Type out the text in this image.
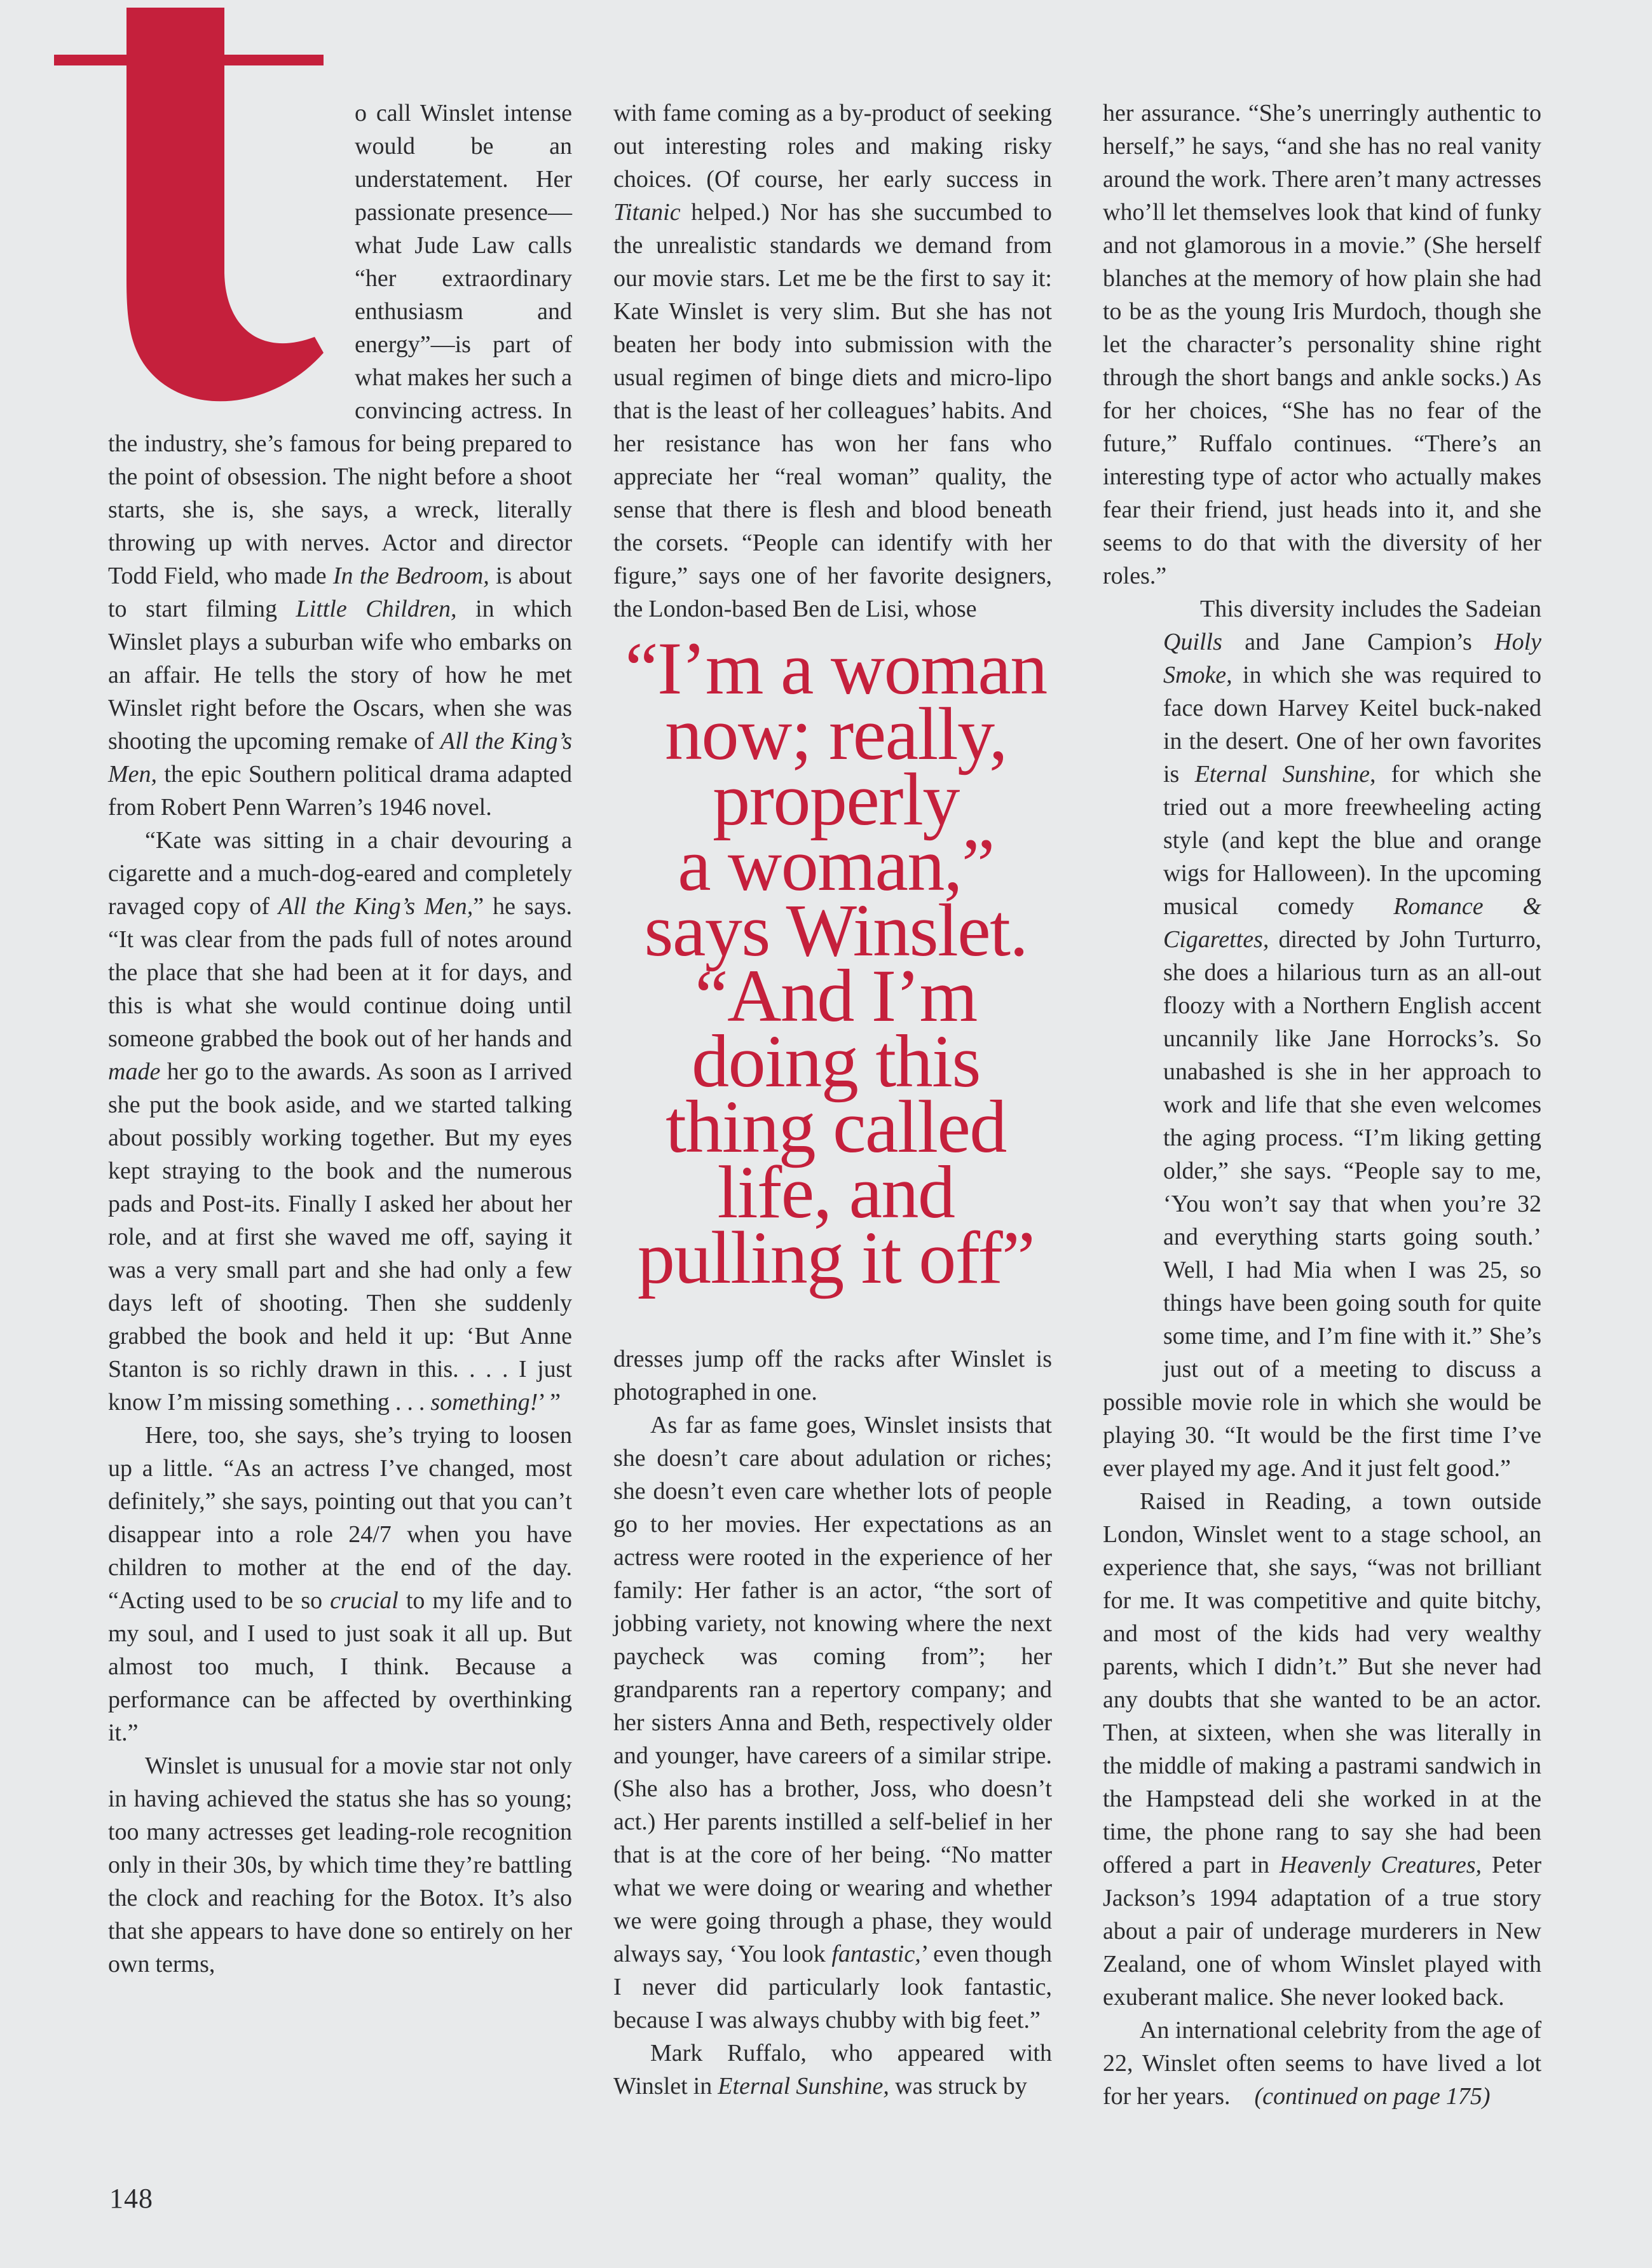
o call Winslet intense would be an understatement. Her passionate presence—what Jude Law calls “her extraordinary enthusiasm and energy”—is part of what makes her such a convincing actress. In the industry, she’s famous for being prepared to the point of obsession. The night before a shoot starts, she is, she says, a wreck, literally throwing up with nerves. Actor and director Todd Field, who made In the Bedroom, is about to start filming Little Children, in which Winslet plays a suburban wife who embarks on an affair. He tells the story of how he met Winslet right before the Oscars, when she was shooting the upcoming remake of All the King’s Men, the epic Southern political drama adapted from Robert Penn Warren’s 1946 novel.

“Kate was sitting in a chair devouring a cigarette and a much-dog-eared and completely ravaged copy of All the King’s Men,” he says. “It was clear from the pads full of notes around the place that she had been at it for days, and this is what she would continue doing until someone grabbed the book out of her hands and made her go to the awards. As soon as I arrived she put the book aside, and we started talking about possibly working together. But my eyes kept straying to the book and the numerous pads and Post-its. Finally I asked her about her role, and at first she waved me off, saying it was a very small part and she had only a few days left of shooting. Then she suddenly grabbed the book and held it up: ‘But Anne Stanton is so richly drawn in this. . . . I just know I’m missing something . . . something!’ ”

Here, too, she says, she’s trying to loosen up a little. “As an actress I’ve changed, most definitely,” she says, pointing out that you can’t disappear into a role 24/7 when you have children to mother at the end of the day. “Acting used to be so crucial to my life and to my soul, and I used to just soak it all up. But almost too much, I think. Because a performance can be affected by overthinking it.”

Winslet is unusual for a movie star not only in having achieved the status she has so young; too many actresses get leading-role recognition only in their 30s, by which time they’re battling the clock and reaching for the Botox. It’s also that she appears to have done so entirely on her own terms,

with fame coming as a by-product of seeking out interesting roles and making risky choices. (Of course, her early success in Titanic helped.) Nor has she succumbed to the unrealistic standards we demand from our movie stars. Let me be the first to say it: Kate Winslet is very slim. But she has not beaten her body into submission with the usual regimen of binge diets and micro-lipo that is the least of her colleagues’ habits. And her resistance has won her fans who appreciate her “real woman” quality, the sense that there is flesh and blood beneath the corsets. “People can identify with her figure,” says one of her favorite designers, the London-based Ben de Lisi, whose

“I’m a woman
now; really,
properly
a woman,”
says Winslet.
“And I’m
doing this
thing called
life, and
pulling it off”

dresses jump off the racks after Winslet is photographed in one.

As far as fame goes, Winslet insists that she doesn’t care about adulation or riches; she doesn’t even care whether lots of people go to her movies. Her expectations as an actress were rooted in the experience of her family: Her father is an actor, “the sort of jobbing variety, not knowing where the next paycheck was coming from”; her grandparents ran a repertory company; and her sisters Anna and Beth, respectively older and younger, have careers of a similar stripe. (She also has a brother, Joss, who doesn’t act.) Her parents instilled a self-belief in her that is at the core of her being. “No matter what we were doing or wearing and whether we were going through a phase, they would always say, ‘You look fantastic,’ even though I never did particularly look fantastic, because I was always chubby with big feet.”

Mark Ruffalo, who appeared with Winslet in Eternal Sunshine, was struck by

her assurance. “She’s unerringly authentic to herself,” he says, “and she has no real vanity around the work. There aren’t many actresses who’ll let themselves look that kind of funky and not glamorous in a movie.” (She herself blanches at the memory of how plain she had to be as the young Iris Murdoch, though she let the character’s personality shine right through the short bangs and ankle socks.) As for her choices, “She has no fear of the future,” Ruffalo continues. “There’s an interesting type of actor who actually makes fear their friend, just heads into it, and she seems to do that with the diversity of her roles.”

This diversity includes the Sadeian Quills and Jane Campion’s Holy Smoke, in which she was required to face down Harvey Keitel buck-naked in the desert. One of her own favorites is Eternal Sunshine, for which she tried out a more freewheeling acting style (and kept the blue and orange wigs for Halloween). In the upcoming musical comedy Romance & Cigarettes, directed by John Turturro, she does a hilarious turn as an all-out floozy with a Northern English accent uncannily like Jane Horrocks’s. So unabashed is she in her approach to work and life that she even welcomes the aging process. “I’m liking getting older,” she says. “People say to me, ‘You won’t say that when you’re 32 and everything starts going south.’ Well, I had Mia when I was 25, so things have been going south for quite some time, and I’m fine with it.” She’s just out of a meeting to discuss a possible movie role in which she would be playing 30. “It would be the first time I’ve ever played my age. And it just felt good.”

Raised in Reading, a town outside London, Winslet went to a stage school, an experience that, she says, “was not brilliant for me. It was competitive and quite bitchy, and most of the kids had very wealthy parents, which I didn’t.” But she never had any doubts that she wanted to be an actor. Then, at sixteen, when she was literally in the middle of making a pastrami sandwich in the Hampstead deli she worked in at the time, the phone rang to say she had been offered a part in Heavenly Creatures, Peter Jackson’s 1994 adaptation of a true story about a pair of underage murderers in New Zealand, one of whom Winslet played with exuberant malice. She never looked back.

An international celebrity from the age of 22, Winslet often seems to have lived a lot for her years. (continued on page 175)

148
